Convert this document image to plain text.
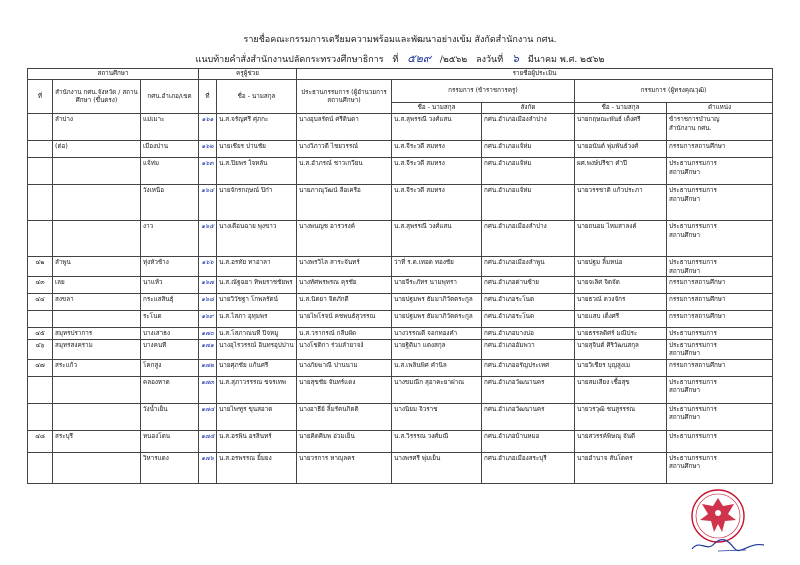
รายชื่อคณะกรรมการเตรียมความพร้อมและพัฒนาอย่างเข้ม สังกัดสำนักงาน กศน.
แนบท้ายคำสั่งสำนักงานปลัดกระทรวงศึกษาธิการ ที่ ๕๒๙ /๒๕๖๒ ลงวันที่ ๖ มีนาคม พ.ศ. ๒๕๖๒
สถานศึกษา			ครูผู้ช่วย		รายชื่อผู้ประเมิน				
ที่	สำนักงาน กศน.จังหวัด / สถานศึกษา (ขึ้นตรง)	กศน.อำเภอ/เขต	ที่	ชื่อ - นามสกุล	ประธานกรรมการ (ผู้อำนวยการสถานศึกษา)	กรรมการ (ข้าราชการครู)		กรรมการ (ผู้ทรงคุณวุฒิ)	
						ชื่อ - นามสกุล	สังกัด	ชื่อ - นามสกุล	ตำแหน่ง
	ลำปาง	แม่เมาะ	๑๖๑	น.ส.จรัญศรี ศุภกะ	นางอุบลรัตน์ ศรีดินดา	น.ส.สุพรรณี วงศ์แสน	กศน.อำเภอเมืองลำปาง	นายกฤษณะพันธ์ เต็งศรี	ข้าราชการบำนาญ
สำนักงาน กศน.

	(ต่อ)	เมืองปาน	๑๖๒	นายเชียร ปานชัย	นางวิภาวดี ไชยวรรณ์	น.ส.จีระวดี สมทรง	กศน.อำเภอแจ้ห่ม	นายอนันต์ พุ่มพันธ์วงศ์	กรรมการสถานศึกษา

		แจ้ห่ม	๑๖๓	น.ส.ปิยพร ใจหลัน	น.ส.อำภรณ์ ชาวเกวียน	น.ส.จีระวดี สมทรง	กศน.อำเภอแจ้ห่ม	ผศ.พงษ์ปรีชา คำปี	ประธานกรรมการ
สถานศึกษา

		วังเหนือ	๑๖๔	นายจักรกฤษณ์ ปิก๋า	นายภาณุวัฒน์ ลือเครือ	น.ส.จีระวดี สมทรง	กศน.อำเภอแจ้ห่ม	นายวรรชาติ แก้วประภา	ประธานกรรมการ
สถานศึกษา

		งาว	๑๖๕	นางเดือนฉาย พุงขาว	นางพนญช อารวรงค์	น.ส.สุพรรณี วงศ์แสน	กศน.อำเภอเมืองลำปาง	นายถนอม ไหมสาลงค์	ประธานกรรมการ
สถานศึกษา

๔๒	ลำพูน	ทุ่งหัวช้าง	๑๖๖	น.ส.อรทัย ทาอาลา	นางพรวิไล สาระจันทร์	ว่าที่ ร.ต.เทอด ทองชัย	กศน.อำเภอเมืองลำพูน	นายปฐม ลิ้มหน่อ	ประธานกรรมการ
สถานศึกษา

๔๓	เลย	นาแห้ว	๑๖๗	น.ส.ณัฐฉยา ทิพยราชชัยพร	นางทัศพรพรณ คุรชัย	นายจีระภัทร นามพุทรา	กศน.อำเภอด่านซ้าย	นายจเลิศ จิตจัด	กรรมการสถานศึกษา

๔๔	สงขลา	กระแสสินธุ์	๑๖๘	นายวิวัชฐา โกพลรัตน์	น.ส.นิตยา จิตภักดี	นายปฐมพร ธัมมาภิวัตตระกูล	กศน.อำเภอระโนด	นายธวณ์ ดวงจักร	กรรมการสถานศึกษา

		ระโนด	๑๖๙	น.ส.ไสภา อุทุมพร	นายไพโรจน์ คชพนธ์สุวรรณ	นายปฐมพร ธัมมาภิวัตตระกูล	กศน.อำเภอระโนด	นายแสบ เต็งศรี	กรรมการสถานศึกษา

๔๕	สมุทรปราการ	บางเสาธง	๑๗๐	น.ส.โสภาณนที ปิจหมู	น.ส.วรากรณ์ กลีบผัด	นางวรรณดี จอกทองคำ	กศน.อำเภอบางบ่อ	นายธรรลดิศร์ มณีประ	ประธานกรรมการ

๔๖	สมุทรสงคราม	บางคนที	๑๗๑	นางอุไรวรรณ์ อินทรอุปปาน	นางโชติกา ร่วมลำยาจง์	นายฐิติมา แตงสกุล	กศน.อำเภออัมพวา	นายสุจินต์ ศิริวัฒนสกุล	ประธานกรรมการ
สถานศึกษา

๔๗	สระแก้ว	โคกสูง	๑๗๒	นายศุภชัย แก้นศรี	นางภัยฆาณี ปานนาม	น.ส.เพลินพิศ คำนิล	กศน.อำเภออรัญประเทศ	นายวิเชียร บุญสูงเม	กรรมการสถานศึกษา

		คลองหาด	๑๗๓	น.ส.สุภาวรรรณ ขจรเทพ	นายสุขชัย จันทร์แดง	นางขมณีก สุอาคะยาฝาณ	กศน.อำเภอวัฒนานคร	นายสมเสียง เชื้อสุข	ประธานกรรมการ
สถานศึกษา

		วังน้ำเย็น	๑๗๔	นายไพฑูร ขุนสอาด	นางอาธีย์ ลิ้มรัตนกิตติ	นางนิยม จิวราช	กศน.อำเภอวัฒนานคร	นายวรวุฒิ ชนสูรรรณ	ประธานกรรมการ
สถานศึกษา

๔๘	สระบุรี	หนองโดน	๑๗๕	น.ส.อรพิน อรสินทร์	นายคิดศิมพ อ่วมเย็น	น.ส.วิรรรณ วงศ์มณี	กศน.อำเภอบ้านหมอ	นายสวรรค์พิษณุ จันดี	ประธานกรรมการ

		วิหารแดง	๑๗๖	น.ส.อรพรรณ ยิ้มยง	นายวรการ หาญุลคร	นางพรศรี พุ่มเย็น	กศน.อำเภอเมืองสระบุรี	นายอำนาจ สันโดคร	ประธานกรรมการ
สถานศึกษา
